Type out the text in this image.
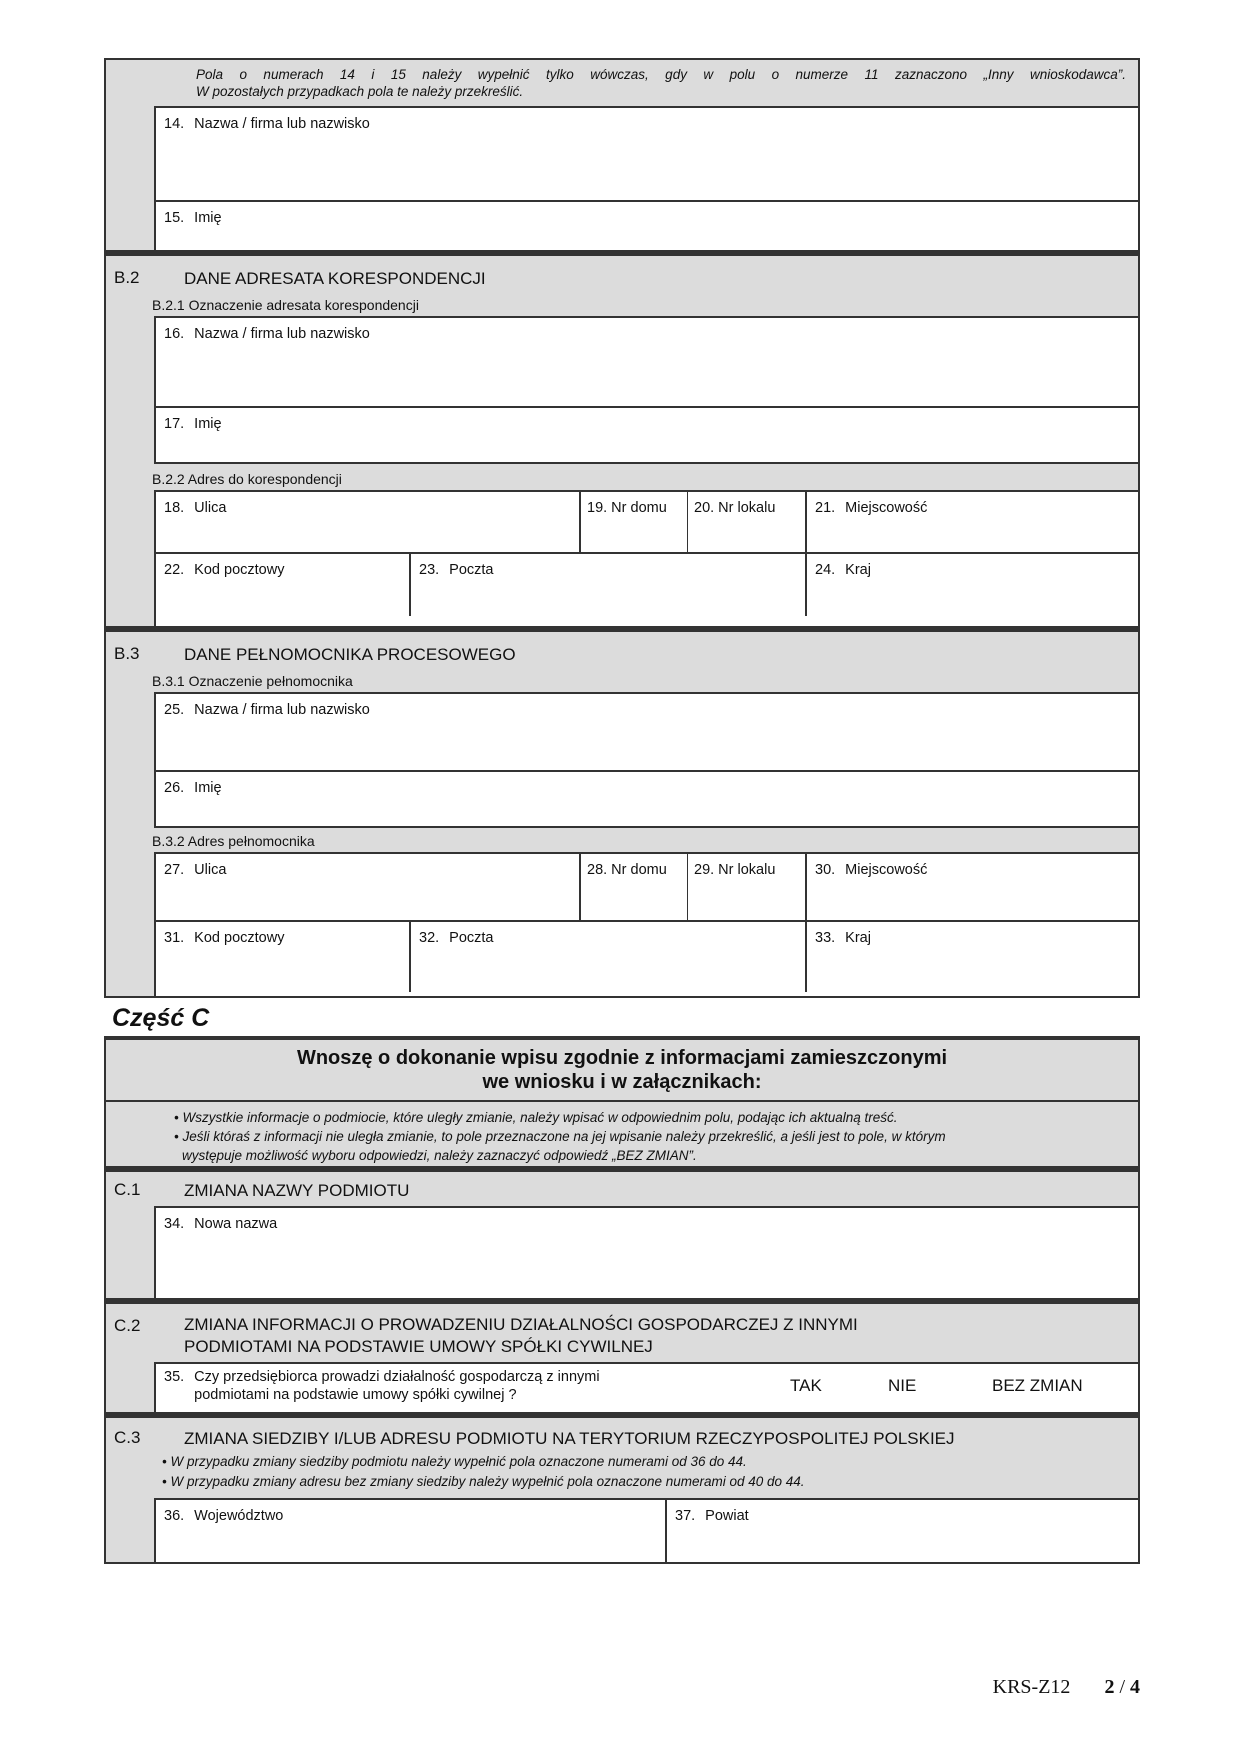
Pola o numerach 14 i 15 należy wypełnić tylko wówczas, gdy w polu o numerze 11 zaznaczono „Inny wnioskodawca”.
W pozostałych przypadkach pola te należy przekreślić.
14. Nazwa / firma lub nazwisko
15. Imię
B.2	DANE ADRESATA KORESPONDENCJI
B.2.1 Oznaczenie adresata korespondencji
16. Nazwa / firma lub nazwisko
17. Imię
B.2.2 Adres do korespondencji
18. Ulica	19. Nr domu	20. Nr lokalu	21. Miejscowość
22. Kod pocztowy	23. Poczta	24. Kraj
B.3	DANE PEŁNOMOCNIKA PROCESOWEGO
B.3.1 Oznaczenie pełnomocnika
25. Nazwa / firma lub nazwisko
26. Imię
B.3.2 Adres pełnomocnika
27. Ulica	28. Nr domu	29. Nr lokalu	30. Miejscowość
31. Kod pocztowy	32. Poczta	33. Kraj
Część C
Wnoszę o dokonanie wpisu zgodnie z informacjami zamieszczonymi
we wniosku i w załącznikach:
• Wszystkie informacje o podmiocie, które uległy zmianie, należy wpisać w odpowiednim polu, podając ich aktualną treść.
• Jeśli któraś z informacji nie uległa zmianie, to pole przeznaczone na jej wpisanie należy przekreślić, a jeśli jest to pole, w którym
występuje możliwość wyboru odpowiedzi, należy zaznaczyć odpowiedź „BEZ ZMIAN”.
C.1	ZMIANA NAZWY PODMIOTU
34. Nowa nazwa
C.2	ZMIANA INFORMACJI O PROWADZENIU DZIAŁALNOŚCI GOSPODARCZEJ Z INNYMI
PODMIOTAMI NA PODSTAWIE UMOWY SPÓŁKI CYWILNEJ
35. Czy przedsiębiorca prowadzi działalność gospodarczą z innymi
podmiotami na podstawie umowy spółki cywilnej ?	TAK	NIE	BEZ ZMIAN
C.3	ZMIANA SIEDZIBY I/LUB ADRESU PODMIOTU NA TERYTORIUM RZECZYPOSPOLITEJ POLSKIEJ
• W przypadku zmiany siedziby podmiotu należy wypełnić pola oznaczone numerami od 36 do 44.
• W przypadku zmiany adresu bez zmiany siedziby należy wypełnić pola oznaczone numerami od 40 do 44.
36. Województwo	37. Powiat
KRS-Z12 2 / 4
